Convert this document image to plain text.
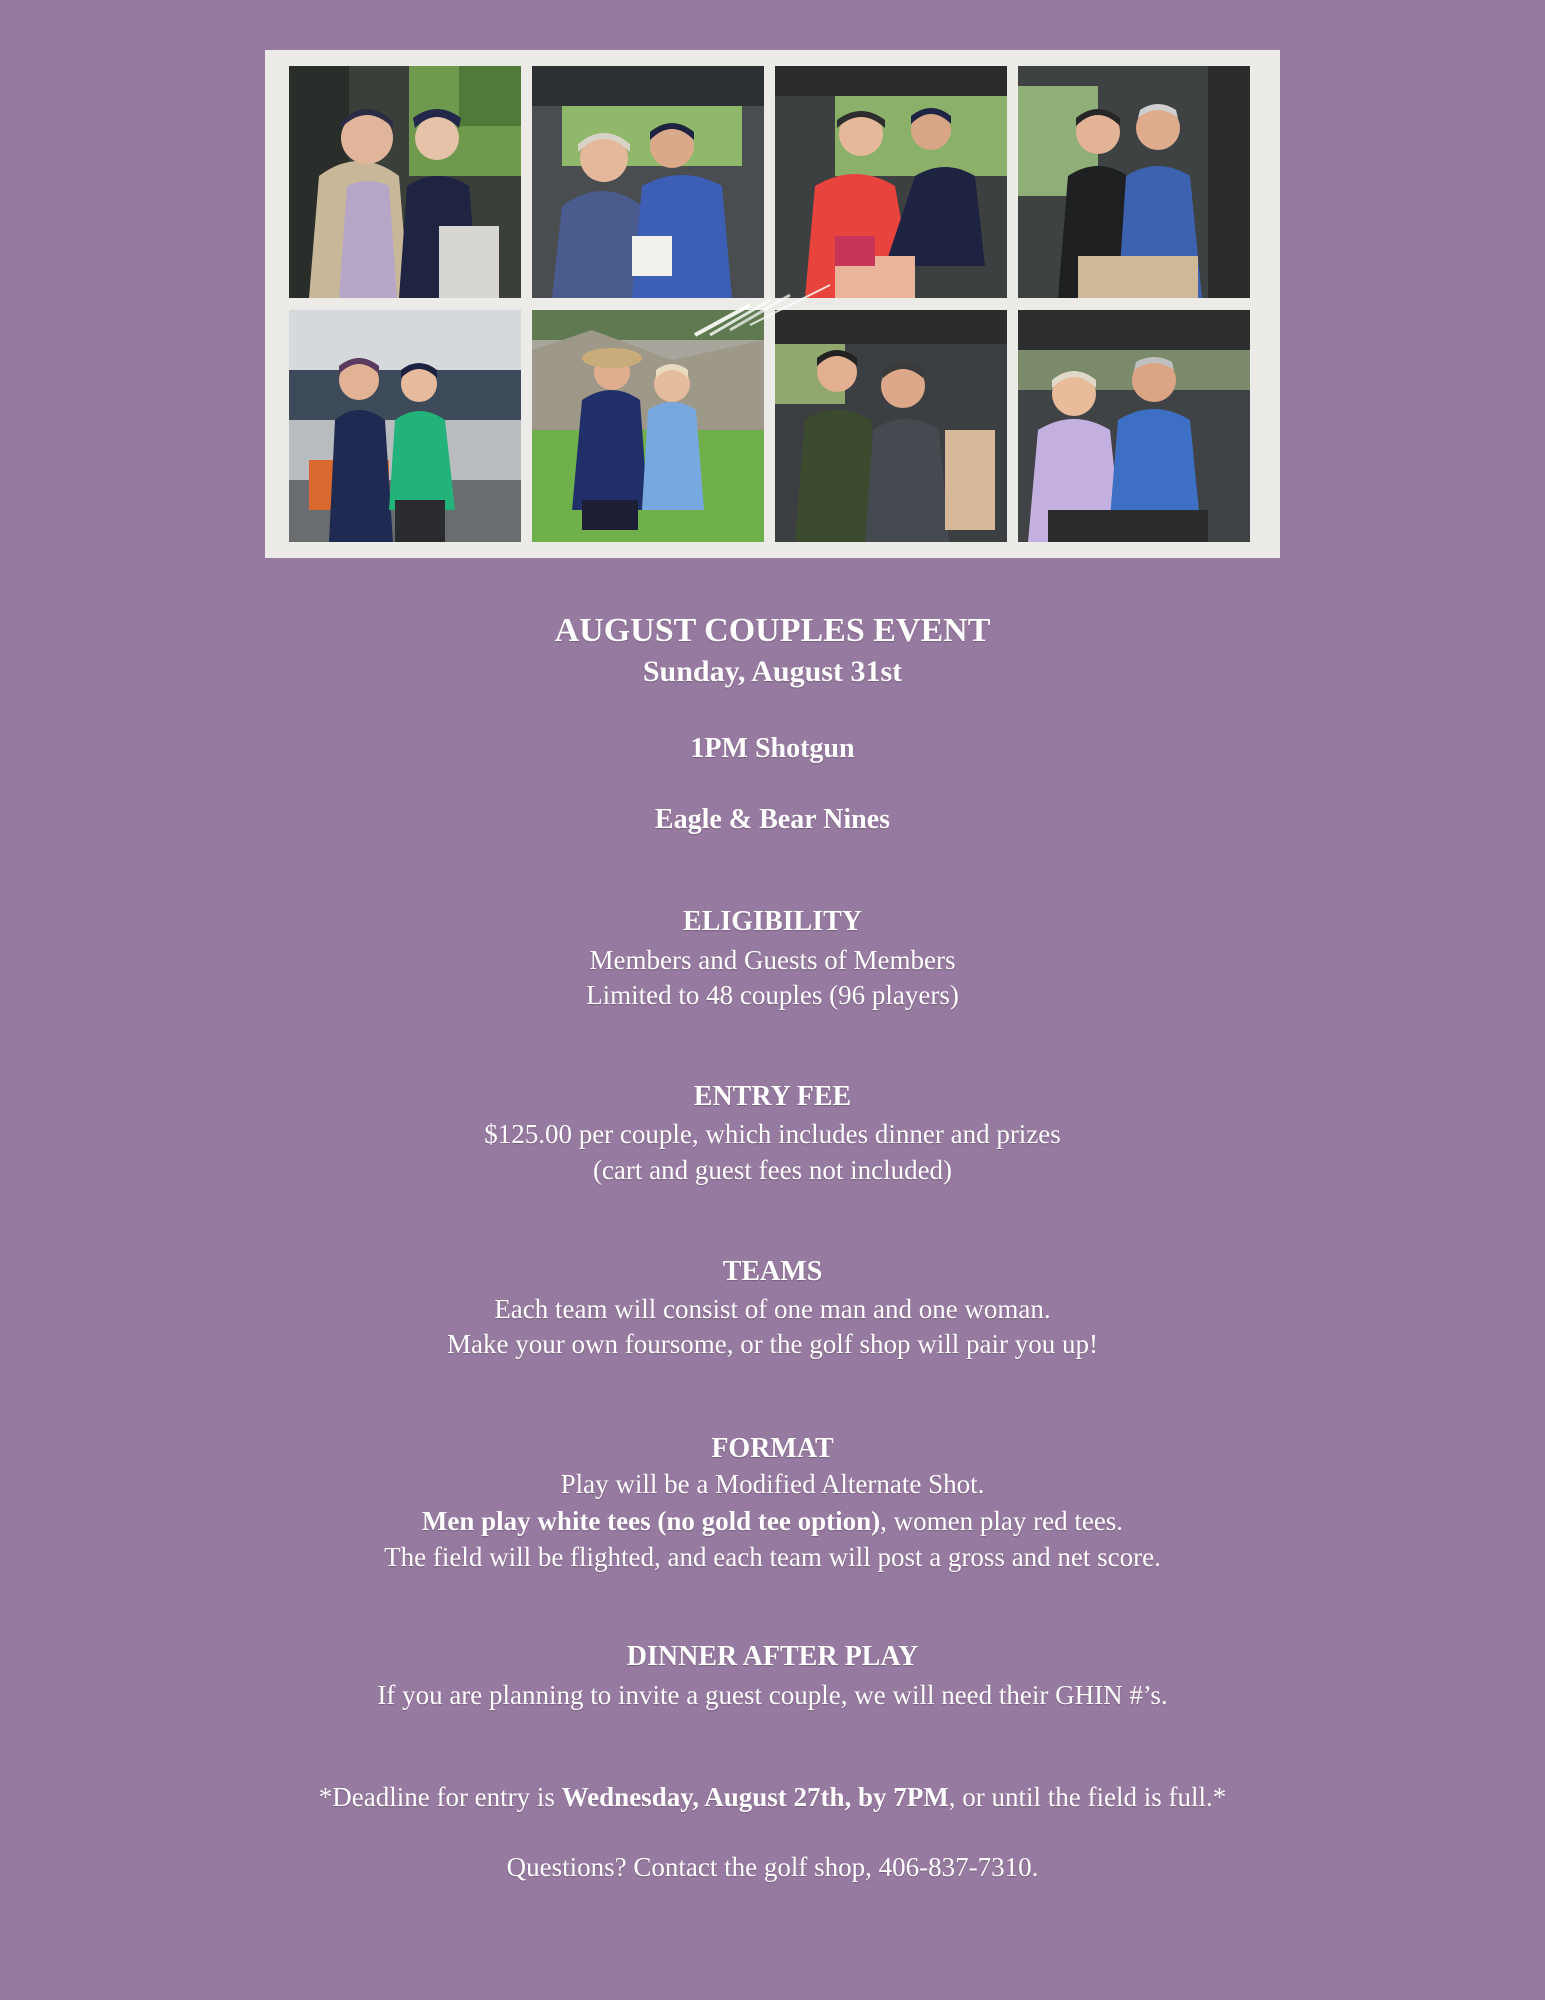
AUGUST COUPLES EVENT
Sunday, August 31st
1PM Shotgun
Eagle & Bear Nines
ELIGIBILITY
Members and Guests of Members
Limited to 48 couples (96 players)
ENTRY FEE
$125.00 per couple, which includes dinner and prizes
(cart and guest fees not included)
TEAMS
Each team will consist of one man and one woman.
Make your own foursome, or the golf shop will pair you up!
FORMAT
Play will be a Modified Alternate Shot.
Men play white tees (no gold tee option), women play red tees.
The field will be flighted, and each team will post a gross and net score.
DINNER AFTER PLAY
If you are planning to invite a guest couple, we will need their GHIN #’s.
*Deadline for entry is Wednesday, August 27th, by 7PM, or until the field is full.*
Questions? Contact the golf shop, 406-837-7310.
